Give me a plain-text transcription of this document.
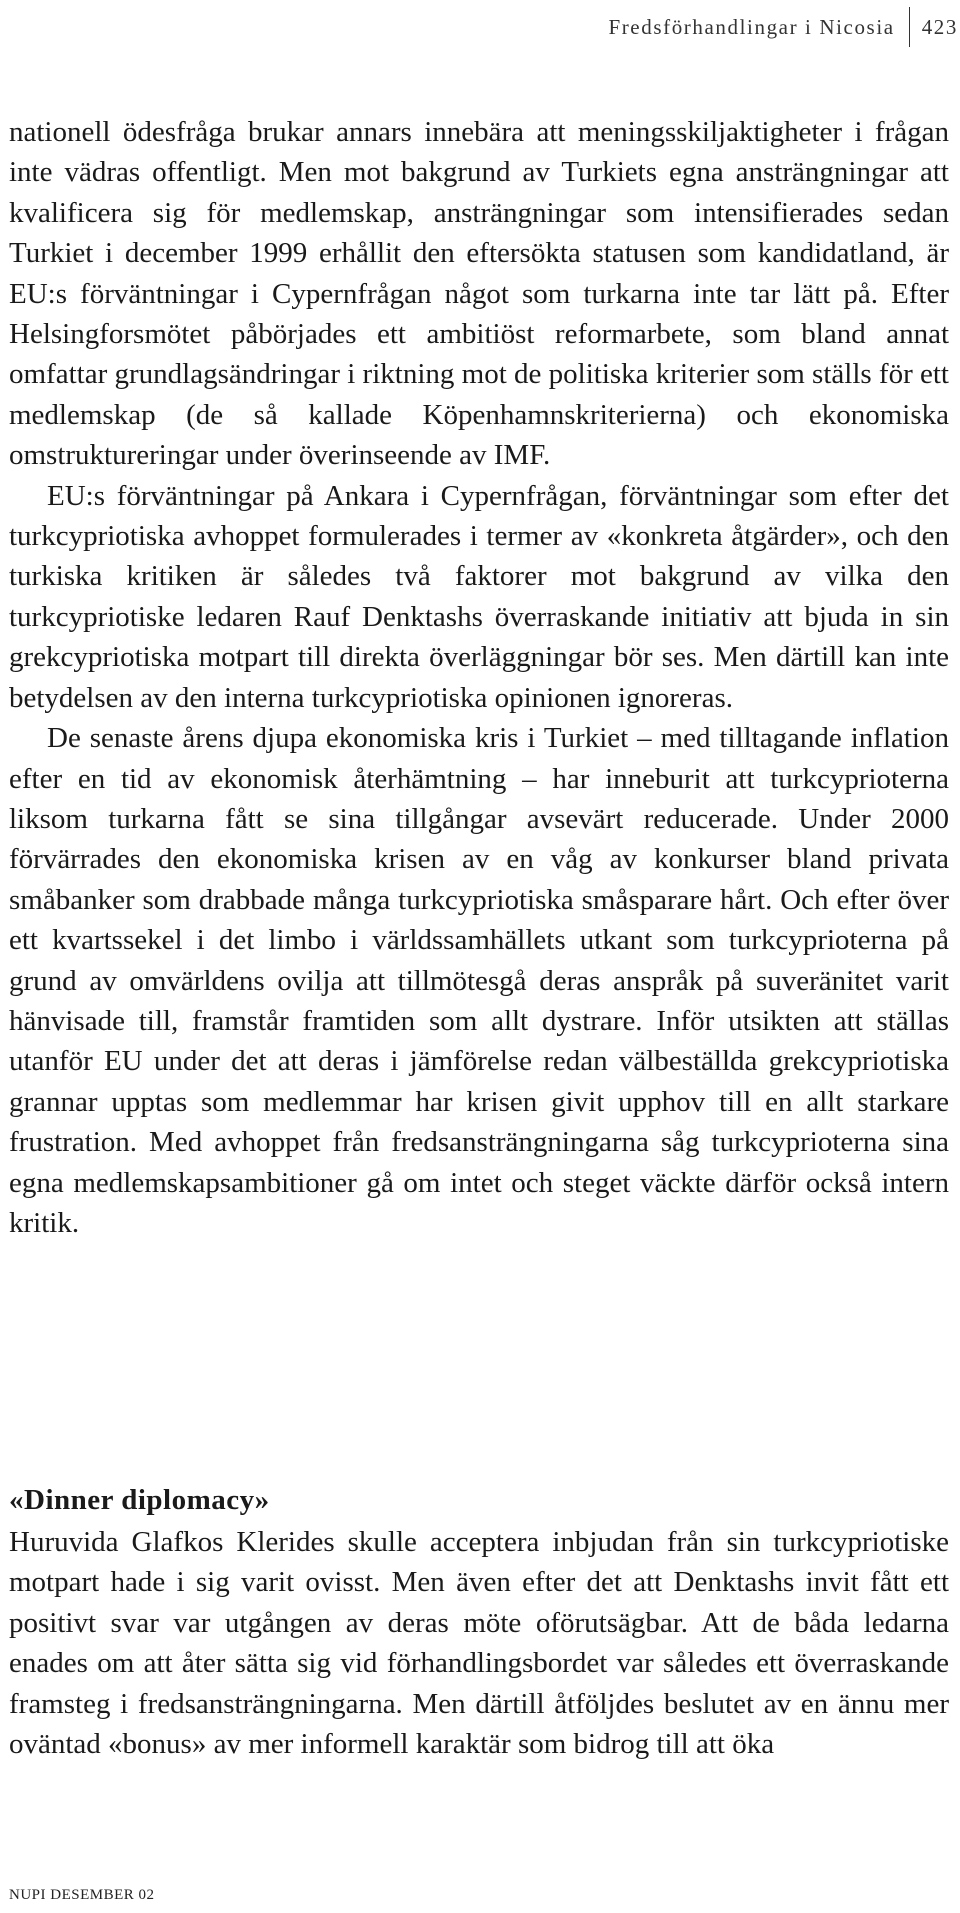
Fredsförhandlingar i Nicosia	423

nationell ödesfråga brukar annars innebära att meningsskiljaktigheter i frågan inte vädras offentligt. Men mot bakgrund av Turkiets egna ansträngningar att kvalificera sig för medlemskap, ansträngningar som intensifierades sedan Turkiet i december 1999 erhållit den eftersökta statusen som kandidatland, är EU:s förväntningar i Cypernfrågan något som turkarna inte tar lätt på. Efter Helsingforsmötet påbörjades ett ambitiöst reformarbete, som bland annat omfattar grundlagsändringar i riktning mot de politiska kriterier som ställs för ett medlemskap (de så kallade Köpenhamnskriterierna) och ekonomiska omstruktureringar under överinseende av IMF.

EU:s förväntningar på Ankara i Cypernfrågan, förväntningar som efter det turkcypriotiska avhoppet formulerades i termer av «konkreta åtgärder», och den turkiska kritiken är således två faktorer mot bakgrund av vilka den turkcypriotiske ledaren Rauf Denktashs överraskande initiativ att bjuda in sin grekcypriotiska motpart till direkta överläggningar bör ses. Men därtill kan inte betydelsen av den interna turkcypriotiska opinionen ignoreras.

De senaste årens djupa ekonomiska kris i Turkiet – med tilltagande inflation efter en tid av ekonomisk återhämtning – har inneburit att turkcyprioterna liksom turkarna fått se sina tillgångar avsevärt reducerade. Under 2000 förvärrades den ekonomiska krisen av en våg av konkurser bland privata småbanker som drabbade många turkcypriotiska småsparare hårt. Och efter över ett kvartssekel i det limbo i världssamhällets utkant som turkcyprioterna på grund av omvärldens ovilja att tillmötesgå deras anspråk på suveränitet varit hänvisade till, framstår framtiden som allt dystrare. Inför utsikten att ställas utanför EU under det att deras i jämförelse redan välbeställda grekcypriotiska grannar upptas som medlemmar har krisen givit upphov till en allt starkare frustration. Med avhoppet från fredsansträngningarna såg turkcyprioterna sina egna medlemskapsambitioner gå om intet och steget väckte därför också intern kritik.

«Dinner diplomacy»

Huruvida Glafkos Klerides skulle acceptera inbjudan från sin turkcypriotiske motpart hade i sig varit ovisst. Men även efter det att Denktashs invit fått ett positivt svar var utgången av deras möte oförutsägbar. Att de båda ledarna enades om att åter sätta sig vid förhandlingsbordet var således ett överraskande framsteg i fredsansträngningarna. Men därtill åtföljdes beslutet av en ännu mer oväntad «bonus» av mer informell karaktär som bidrog till att öka

NUPI DESEMBER 02
